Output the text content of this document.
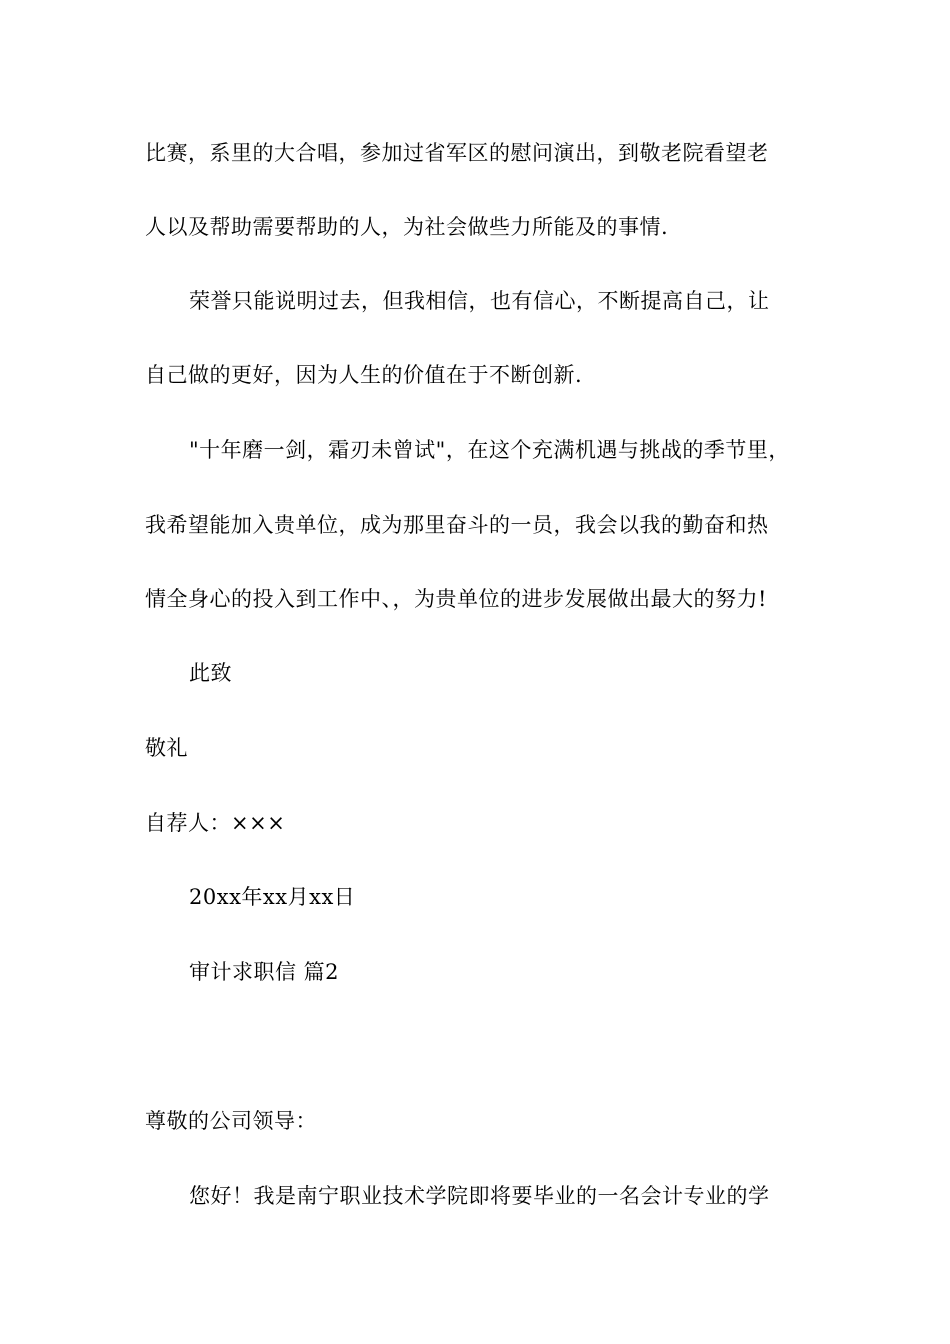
比赛，系里的大合唱，参加过省军区的慰问演出，到敬老院看望老
人以及帮助需要帮助的人，为社会做些力所能及的事情.
荣誉只能说明过去，但我相信，也有信心，不断提高自己，让
自己做的更好，因为人生的价值在于不断创新.
"十年磨一剑，霜刃未曾试"，在这个充满机遇与挑战的季节里，
我希望能加入贵单位，成为那里奋斗的一员，我会以我的勤奋和热
情全身心的投入到工作中、，为贵单位的进步发展做出最大的努力!
此致
敬礼
自荐人：×××
20xx年xx月xx日
审计求职信 篇2
尊敬的公司领导：
您好！我是南宁职业技术学院即将要毕业的一名会计专业的学
